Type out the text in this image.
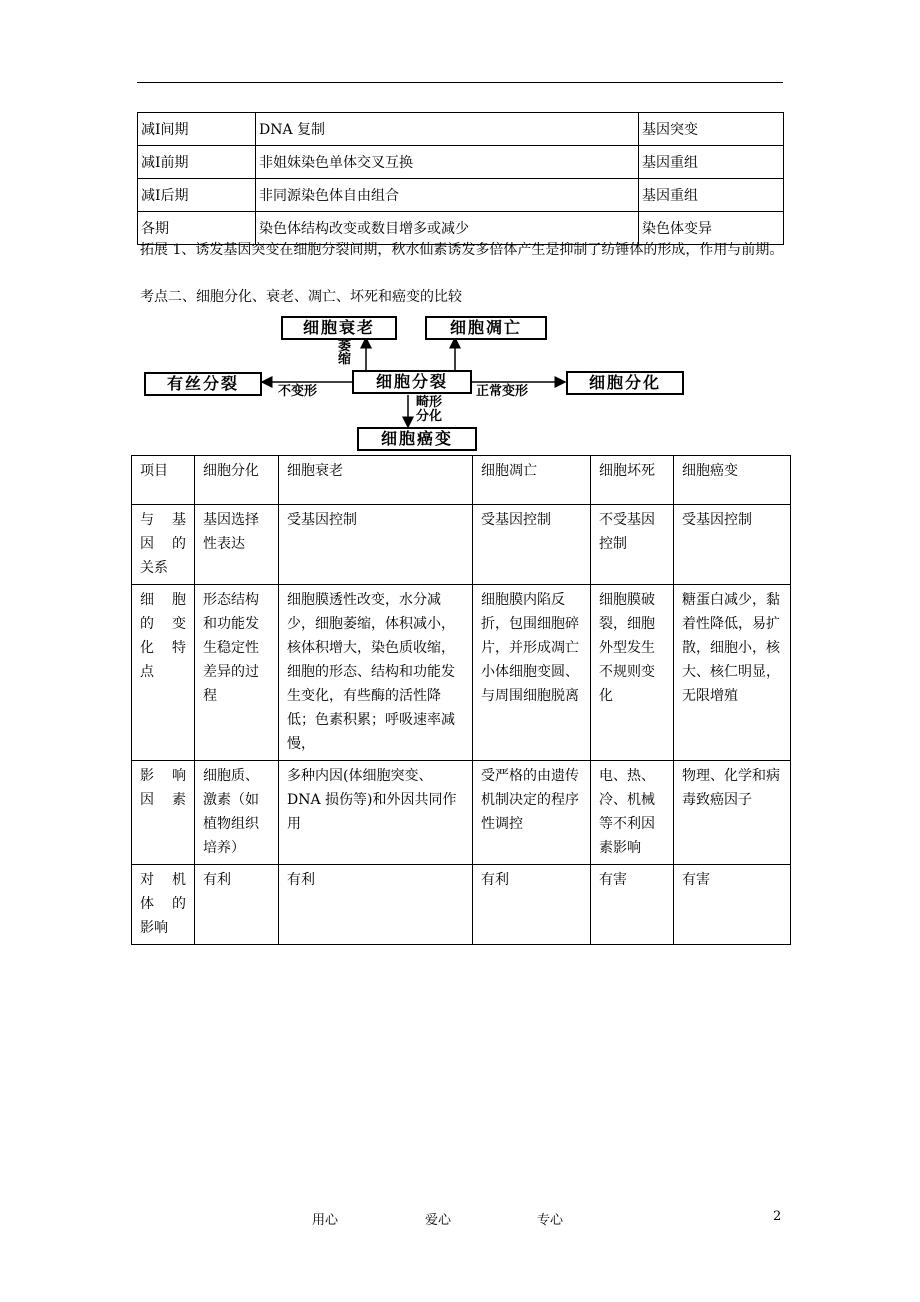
减Ⅰ间期	DNA 复制	基因突变
减Ⅰ前期	非姐妹染色单体交叉互换	基因重组
减Ⅰ后期	非同源染色体自由组合	基因重组
各期	染色体结构改变或数目增多或减少	染色体变异
拓展 1、诱发基因突变在细胞分裂间期，秋水仙素诱发多倍体产生是抑制了纺锤体的形成，作用与前期。
考点二、细胞分化、衰老、凋亡、坏死和癌变的比较
细胞衰老	细胞凋亡
细胞分裂
有丝分裂	细胞分化
细胞癌变
萎
缩
不变形	正常变形
畸形
分化
项目	细胞分化	细胞衰老	细胞凋亡	细胞坏死	细胞癌变

与　基
因　的
关系	基因选择性表达	受基因控制	受基因控制	不受基因控制	受基因控制

细　胞
的　变
化　特
点	形态结构和功能发生稳定性差异的过程	细胞膜透性改变，水分减少，细胞萎缩，体积减小，核体积增大，染色质收缩，细胞的形态、结构和功能发生变化，有些酶的活性降低；色素积累；呼吸速率减慢，	细胞膜内陷反折，包围细胞碎片，并形成凋亡小体细胞变圆、与周围细胞脱离	细胞膜破裂，细胞外型发生不规则变化	糖蛋白减少，黏着性降低，易扩散，细胞小，核大、核仁明显，无限增殖

影　响
因　素	细胞质、激素（如植物组织培养）	多种内因(体细胞突变、DNA 损伤等)和外因共同作用	受严格的由遗传机制决定的程序性调控	电、热、冷、机械等不利因素影响	物理、化学和病毒致癌因子

对　机
体　的
影响	有利	有利	有利	有害	有害
用心	爱心	专心	2
